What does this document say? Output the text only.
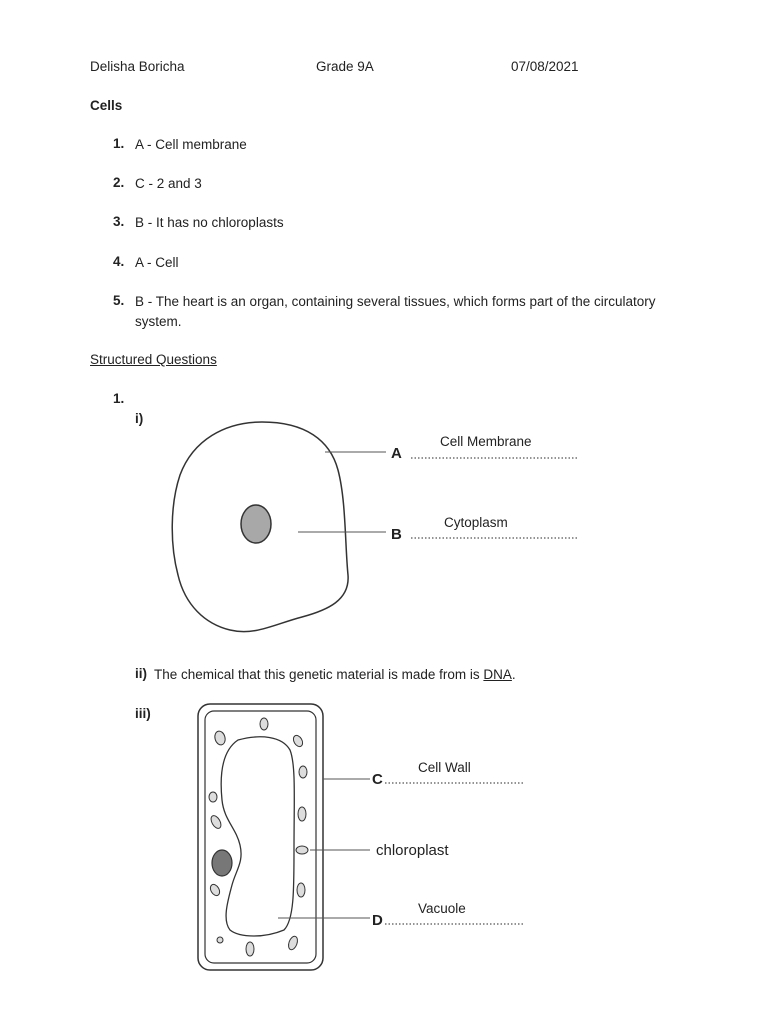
Delisha Boricha	Grade 9A	07/08/2021
Cells
1. A - Cell membrane
2. C - 2 and 3
3. B - It has no chloroplasts
4. A - Cell
5. B - The heart is an organ, containing several tissues, which forms part of the circulatory system.
Structured Questions
1.
i)
A
B
Cell Membrane
Cytoplasm
ii) The chemical that this genetic material is made from is DNA.
iii)
C
D
Cell Wall
chloroplast
Vacuole
